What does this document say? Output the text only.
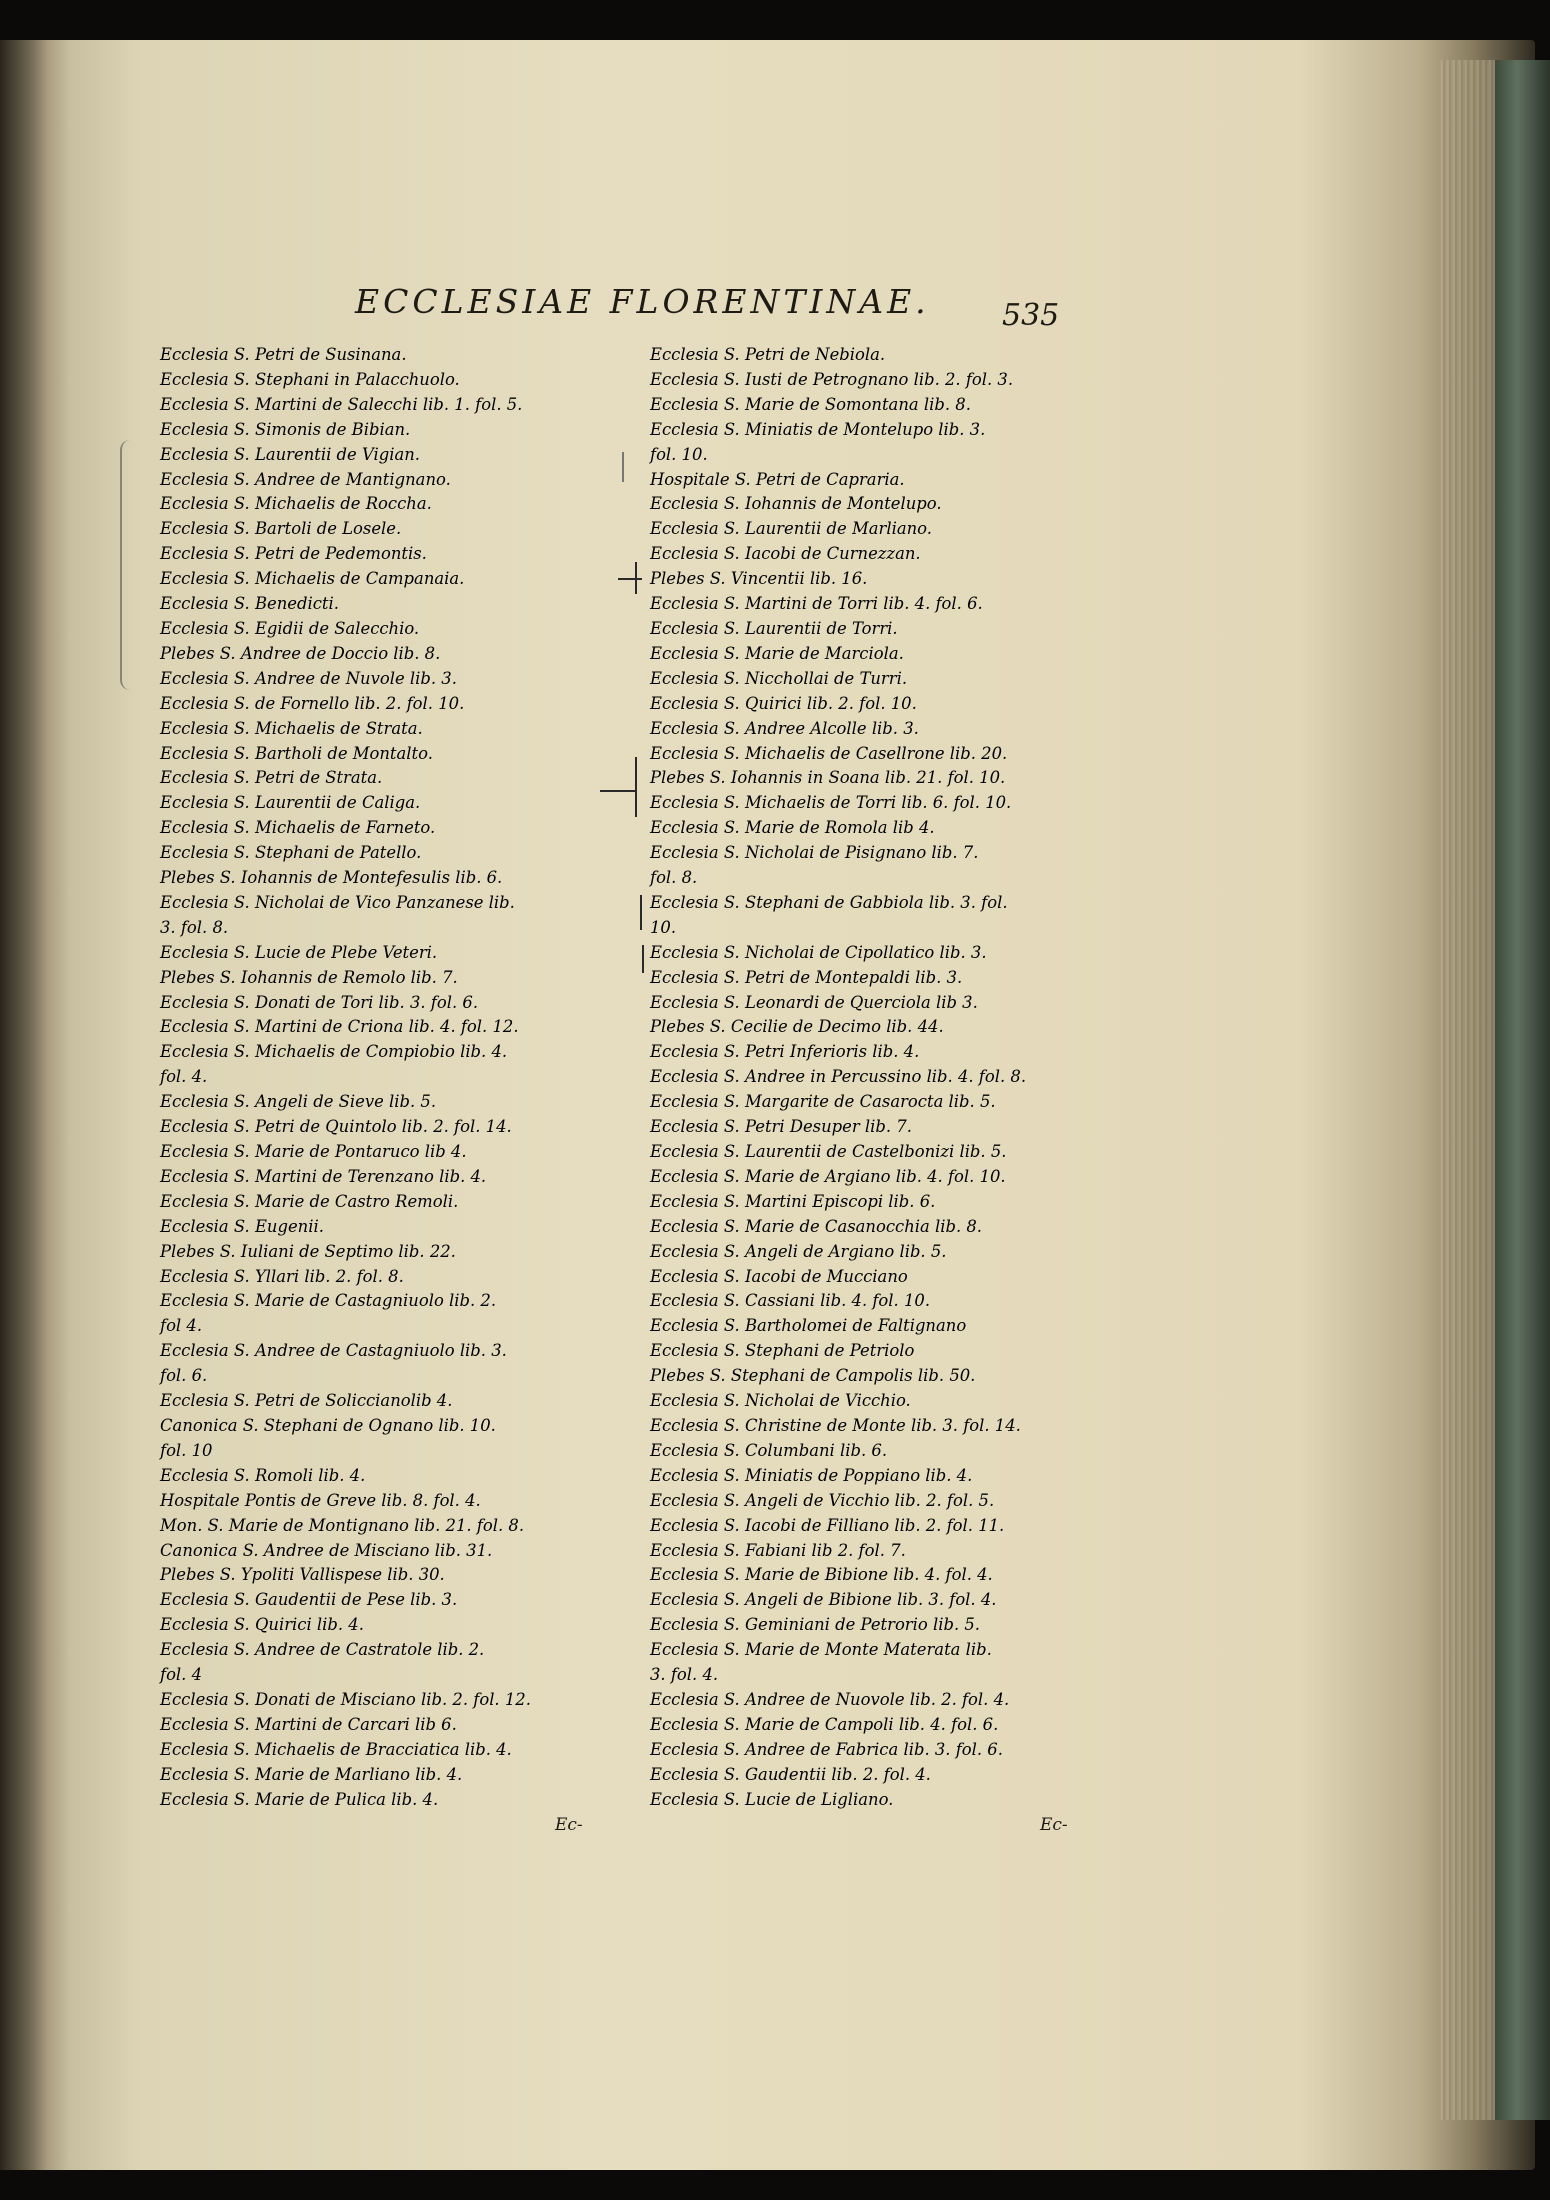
ECCLESIAE FLORENTINAE. 535
Ecclesia S. Petri de Susinana.
Ecclesia S. Stephani in Palacchuolo.
Ecclesia S. Martini de Salecchi lib. 1. fol. 5.
Ecclesia S. Simonis de Bibian.
Ecclesia S. Laurentii de Vigian.
Ecclesia S. Andree de Mantignano.
Ecclesia S. Michaelis de Roccha.
Ecclesia S. Bartoli de Losele.
Ecclesia S. Petri de Pedemontis.
Ecclesia S. Michaelis de Campanaia.
Ecclesia S. Benedicti.
Ecclesia S. Egidii de Salecchio.
Plebes S. Andree de Doccio lib. 8.
Ecclesia S. Andree de Nuvole lib. 3.
Ecclesia S. de Fornello lib. 2. fol. 10.
Ecclesia S. Michaelis de Strata.
Ecclesia S. Bartholi de Montalto.
Ecclesia S. Petri de Strata.
Ecclesia S. Laurentii de Caliga.
Ecclesia S. Michaelis de Farneto.
Ecclesia S. Stephani de Patello.
Plebes S. Iohannis de Montefesulis lib. 6.
Ecclesia S. Nicholai de Vico Panzanese lib.
3. fol. 8.
Ecclesia S. Lucie de Plebe Veteri.
Plebes S. Iohannis de Remolo lib. 7.
Ecclesia S. Donati de Tori lib. 3. fol. 6.
Ecclesia S. Martini de Criona lib. 4. fol. 12.
Ecclesia S. Michaelis de Compiobio lib. 4.
fol. 4.
Ecclesia S. Angeli de Sieve lib. 5.
Ecclesia S. Petri de Quintolo lib. 2. fol. 14.
Ecclesia S. Marie de Pontaruco lib 4.
Ecclesia S. Martini de Terenzano lib. 4.
Ecclesia S. Marie de Castro Remoli.
Ecclesia S. Eugenii.
Plebes S. Iuliani de Septimo lib. 22.
Ecclesia S. Yllari lib. 2. fol. 8.
Ecclesia S. Marie de Castagniuolo lib. 2.
fol 4.
Ecclesia S. Andree de Castagniuolo lib. 3.
fol. 6.
Ecclesia S. Petri de Soliccianolib 4.
Canonica S. Stephani de Ognano lib. 10.
fol. 10
Ecclesia S. Romoli lib. 4.
Hospitale Pontis de Greve lib. 8. fol. 4.
Mon. S. Marie de Montignano lib. 21. fol. 8.
Canonica S. Andree de Misciano lib. 31.
Plebes S. Ypoliti Vallispese lib. 30.
Ecclesia S. Gaudentii de Pese lib. 3.
Ecclesia S. Quirici lib. 4.
Ecclesia S. Andree de Castratole lib. 2.
fol. 4
Ecclesia S. Donati de Misciano lib. 2. fol. 12.
Ecclesia S. Martini de Carcari lib 6.
Ecclesia S. Michaelis de Bracciatica lib. 4.
Ecclesia S. Marie de Marliano lib. 4.
Ecclesia S. Marie de Pulica lib. 4.
Ecclesia S. Petri de Nebiola.
Ecclesia S. Iusti de Petrognano lib. 2. fol. 3.
Ecclesia S. Marie de Somontana lib. 8.
Ecclesia S. Miniatis de Montelupo lib. 3.
fol. 10.
Hospitale S. Petri de Capraria.
Ecclesia S. Iohannis de Montelupo.
Ecclesia S. Laurentii de Marliano.
Ecclesia S. Iacobi de Curnezzan.
Plebes S. Vincentii lib. 16.
Ecclesia S. Martini de Torri lib. 4. fol. 6.
Ecclesia S. Laurentii de Torri.
Ecclesia S. Marie de Marciola.
Ecclesia S. Nicchollai de Turri.
Ecclesia S. Quirici lib. 2. fol. 10.
Ecclesia S. Andree Alcolle lib. 3.
Ecclesia S. Michaelis de Casellrone lib. 20.
Plebes S. Iohannis in Soana lib. 21. fol. 10.
Ecclesia S. Michaelis de Torri lib. 6. fol. 10.
Ecclesia S. Marie de Romola lib 4.
Ecclesia S. Nicholai de Pisignano lib. 7.
fol. 8.
Ecclesia S. Stephani de Gabbiola lib. 3. fol.
10.
Ecclesia S. Nicholai de Cipollatico lib. 3.
Ecclesia S. Petri de Montepaldi lib. 3.
Ecclesia S. Leonardi de Querciola lib 3.
Plebes S. Cecilie de Decimo lib. 44.
Ecclesia S. Petri Inferioris lib. 4.
Ecclesia S. Andree in Percussino lib. 4. fol. 8.
Ecclesia S. Margarite de Casarocta lib. 5.
Ecclesia S. Petri Desuper lib. 7.
Ecclesia S. Laurentii de Castelbonizi lib. 5.
Ecclesia S. Marie de Argiano lib. 4. fol. 10.
Ecclesia S. Martini Episcopi lib. 6.
Ecclesia S. Marie de Casanocchia lib. 8.
Ecclesia S. Angeli de Argiano lib. 5.
Ecclesia S. Iacobi de Mucciano
Ecclesia S. Cassiani lib. 4. fol. 10.
Ecclesia S. Bartholomei de Faltignano
Ecclesia S. Stephani de Petriolo
Plebes S. Stephani de Campolis lib. 50.
Ecclesia S. Nicholai de Vicchio.
Ecclesia S. Christine de Monte lib. 3. fol. 14.
Ecclesia S. Columbani lib. 6.
Ecclesia S. Miniatis de Poppiano lib. 4.
Ecclesia S. Angeli de Vicchio lib. 2. fol. 5.
Ecclesia S. Iacobi de Filliano lib. 2. fol. 11.
Ecclesia S. Fabiani lib 2. fol. 7.
Ecclesia S. Marie de Bibione lib. 4. fol. 4.
Ecclesia S. Angeli de Bibione lib. 3. fol. 4.
Ecclesia S. Geminiani de Petrorio lib. 5.
Ecclesia S. Marie de Monte Materata lib.
3. fol. 4.
Ecclesia S. Andree de Nuovole lib. 2. fol. 4.
Ecclesia S. Marie de Campoli lib. 4. fol. 6.
Ecclesia S. Andree de Fabrica lib. 3. fol. 6.
Ecclesia S. Gaudentii lib. 2. fol. 4.
Ecclesia S. Lucie de Ligliano.
Ec-	Ec-
